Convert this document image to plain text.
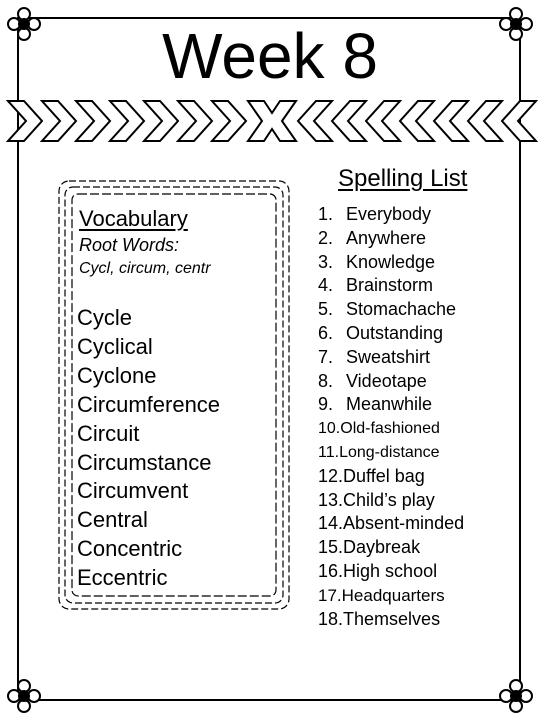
Week 8
Vocabulary
Root Words:
Cycl, circum, centr
Cycle
Cyclical
Cyclone
Circumference
Circuit
Circumstance
Circumvent
Central
Concentric
Eccentric
Spelling List
1. Everybody
2. Anywhere
3. Knowledge
4. Brainstorm
5. Stomachache
6. Outstanding
7. Sweatshirt
8. Videotape
9. Meanwhile
10. Old-fashioned
11. Long-distance
12. Duffel bag
13. Child’s play
14. Absent-minded
15. Daybreak
16. High school
17. Headquarters
18. Themselves
